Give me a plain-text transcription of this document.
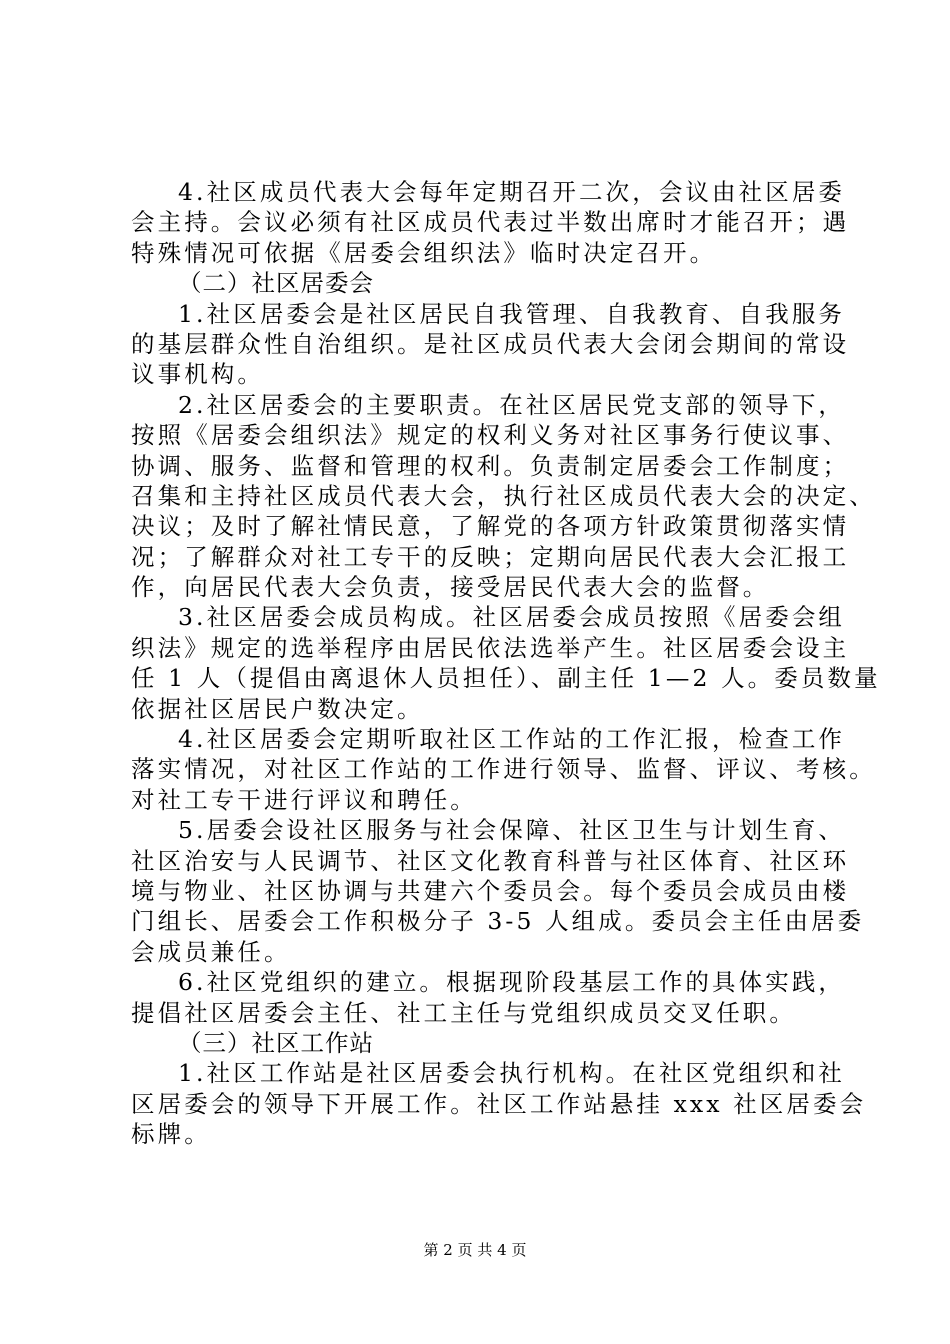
4.社区成员代表大会每年定期召开二次，会议由社区居委
会主持。会议必须有社区成员代表过半数出席时才能召开；遇
特殊情况可依据《居委会组织法》临时决定召开。
（二）社区居委会
1.社区居委会是社区居民自我管理、自我教育、自我服务
的基层群众性自治组织。是社区成员代表大会闭会期间的常设
议事机构。
2.社区居委会的主要职责。在社区居民党支部的领导下，
按照《居委会组织法》规定的权利义务对社区事务行使议事、
协调、服务、监督和管理的权利。负责制定居委会工作制度；
召集和主持社区成员代表大会，执行社区成员代表大会的决定、
决议；及时了解社情民意，了解党的各项方针政策贯彻落实情
况；了解群众对社工专干的反映；定期向居民代表大会汇报工
作，向居民代表大会负责，接受居民代表大会的监督。
3.社区居委会成员构成。社区居委会成员按照《居委会组
织法》规定的选举程序由居民依法选举产生。社区居委会设主
任 1 人（提倡由离退休人员担任）、副主任 1—2 人。委员数量
依据社区居民户数决定。
4.社区居委会定期听取社区工作站的工作汇报，检查工作
落实情况，对社区工作站的工作进行领导、监督、评议、考核。
对社工专干进行评议和聘任。
5.居委会设社区服务与社会保障、社区卫生与计划生育、
社区治安与人民调节、社区文化教育科普与社区体育、社区环
境与物业、社区协调与共建六个委员会。每个委员会成员由楼
门组长、居委会工作积极分子 3-5 人组成。委员会主任由居委
会成员兼任。
6.社区党组织的建立。根据现阶段基层工作的具体实践，
提倡社区居委会主任、社工主任与党组织成员交叉任职。
（三）社区工作站
1.社区工作站是社区居委会执行机构。在社区党组织和社
区居委会的领导下开展工作。社区工作站悬挂 xxx 社区居委会
标牌。
第 2 页 共 4 页
